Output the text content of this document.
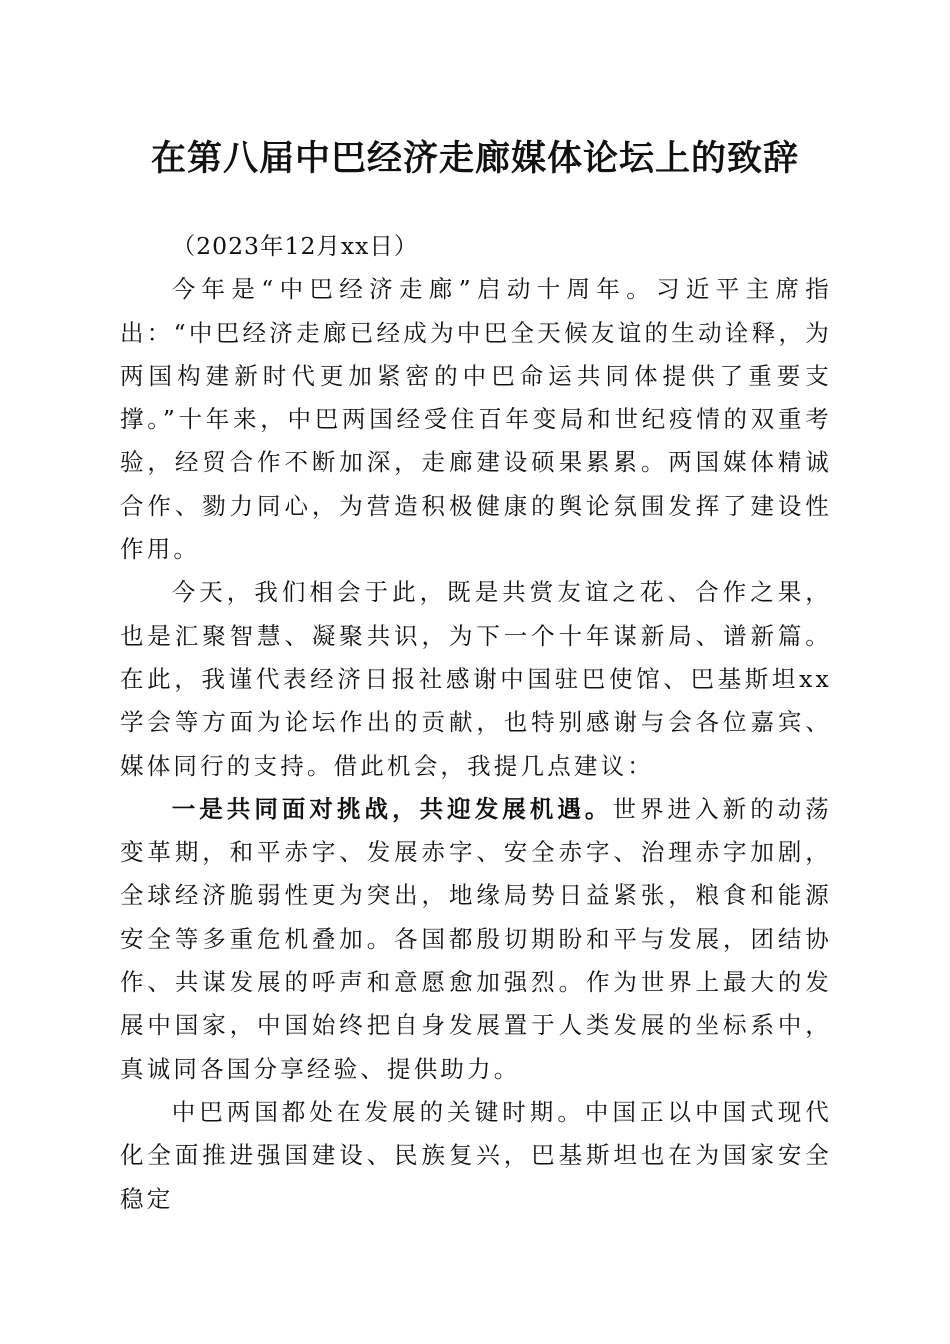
在第八届中巴经济走廊媒体论坛上的致辞

（2023年12月xx日）

今年是“中巴经济走廊”启动十周年。习近平主席指出：“中巴经济走廊已经成为中巴全天候友谊的生动诠释，为两国构建新时代更加紧密的中巴命运共同体提供了重要支撑。”十年来，中巴两国经受住百年变局和世纪疫情的双重考验，经贸合作不断加深，走廊建设硕果累累。两国媒体精诚合作、勠力同心，为营造积极健康的舆论氛围发挥了建设性作用。

今天，我们相会于此，既是共赏友谊之花、合作之果，也是汇聚智慧、凝聚共识，为下一个十年谋新局、谱新篇。在此，我谨代表经济日报社感谢中国驻巴使馆、巴基斯坦xx学会等方面为论坛作出的贡献，也特别感谢与会各位嘉宾、媒体同行的支持。借此机会，我提几点建议：

一是共同面对挑战，共迎发展机遇。世界进入新的动荡变革期，和平赤字、发展赤字、安全赤字、治理赤字加剧，全球经济脆弱性更为突出，地缘局势日益紧张，粮食和能源安全等多重危机叠加。各国都殷切期盼和平与发展，团结协作、共谋发展的呼声和意愿愈加强烈。作为世界上最大的发展中国家，中国始终把自身发展置于人类发展的坐标系中，真诚同各国分享经验、提供助力。

中巴两国都处在发展的关键时期。中国正以中国式现代化全面推进强国建设、民族复兴，巴基斯坦也在为国家安全稳定
